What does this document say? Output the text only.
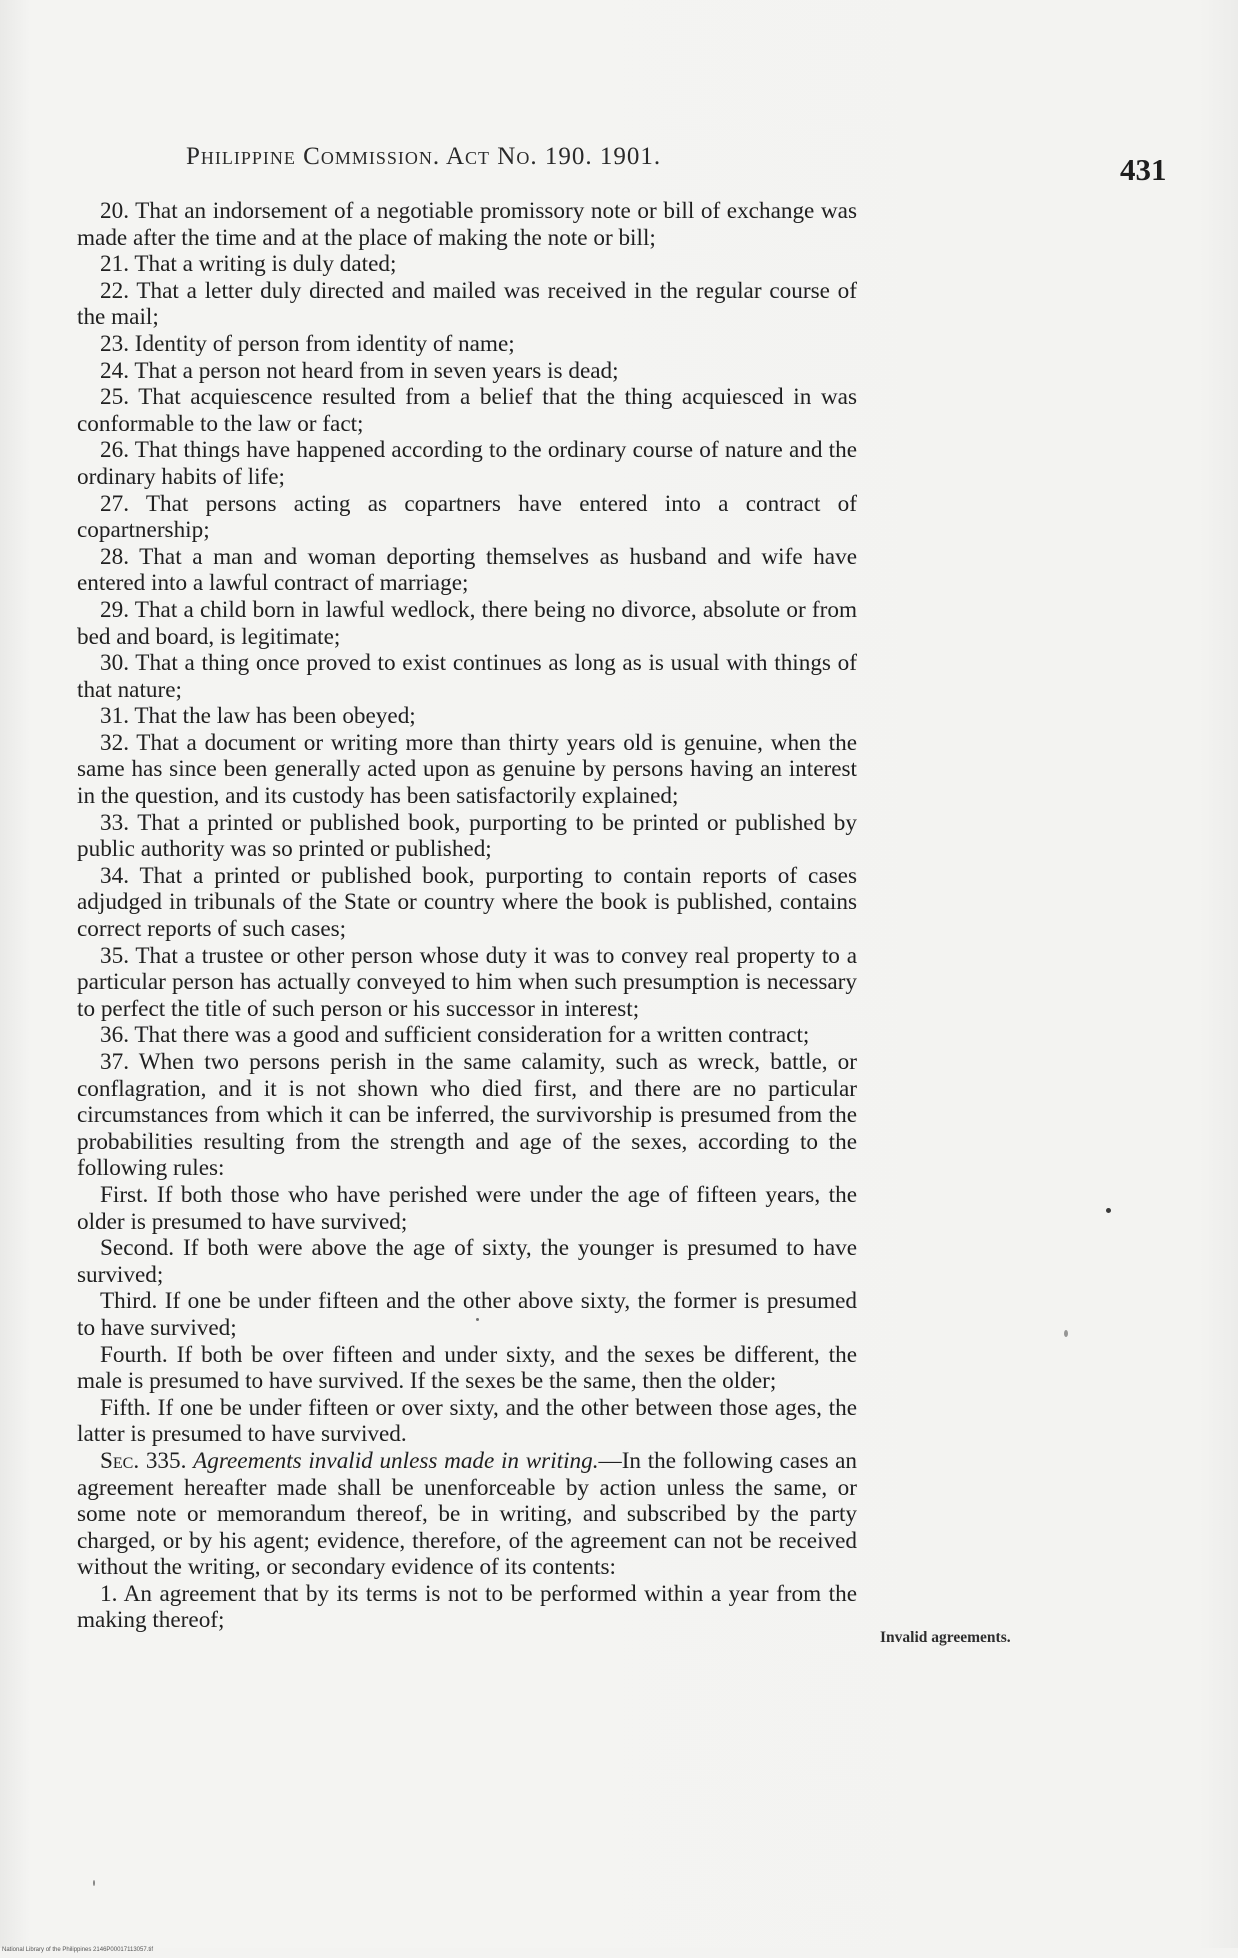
Philippine Commission. Act No. 190. 1901.	431

20. That an indorsement of a negotiable promissory note or bill of exchange was made after the time and at the place of making the note or bill;

21. That a writing is duly dated;

22. That a letter duly directed and mailed was received in the regular course of the mail;

23. Identity of person from identity of name;

24. That a person not heard from in seven years is dead;

25. That acquiescence resulted from a belief that the thing acquiesced in was conformable to the law or fact;

26. That things have happened according to the ordinary course of nature and the ordinary habits of life;

27. That persons acting as copartners have entered into a contract of copartnership;

28. That a man and woman deporting themselves as husband and wife have entered into a lawful contract of marriage;

29. That a child born in lawful wedlock, there being no divorce, absolute or from bed and board, is legitimate;

30. That a thing once proved to exist continues as long as is usual with things of that nature;

31. That the law has been obeyed;

32. That a document or writing more than thirty years old is genuine, when the same has since been generally acted upon as genuine by persons having an interest in the question, and its custody has been satisfactorily explained;

33. That a printed or published book, purporting to be printed or published by public authority was so printed or published;

34. That a printed or published book, purporting to contain reports of cases adjudged in tribunals of the State or country where the book is published, contains correct reports of such cases;

35. That a trustee or other person whose duty it was to convey real property to a particular person has actually conveyed to him when such presumption is necessary to perfect the title of such person or his successor in interest;

36. That there was a good and sufficient consideration for a written contract;

37. When two persons perish in the same calamity, such as wreck, battle, or conflagration, and it is not shown who died first, and there are no particular circumstances from which it can be inferred, the survivorship is presumed from the probabilities resulting from the strength and age of the sexes, according to the following rules:

First. If both those who have perished were under the age of fifteen years, the older is presumed to have survived;

Second. If both were above the age of sixty, the younger is presumed to have survived;

Third. If one be under fifteen and the other above sixty, the former is presumed to have survived;

Fourth. If both be over fifteen and under sixty, and the sexes be different, the male is presumed to have survived. If the sexes be the same, then the older;

Fifth. If one be under fifteen or over sixty, and the other between those ages, the latter is presumed to have survived.

Sec. 335. Agreements invalid unless made in writing.—In the following cases an agreement hereafter made shall be unenforceable by action unless the same, or some note or memorandum thereof, be in writing, and subscribed by the party charged, or by his agent; evidence, therefore, of the agreement can not be received without the writing, or secondary evidence of its contents:

1. An agreement that by its terms is not to be performed within a year from the making thereof;

Invalid agreements.
National Library of the Philippines 2146P00017113057.tif
